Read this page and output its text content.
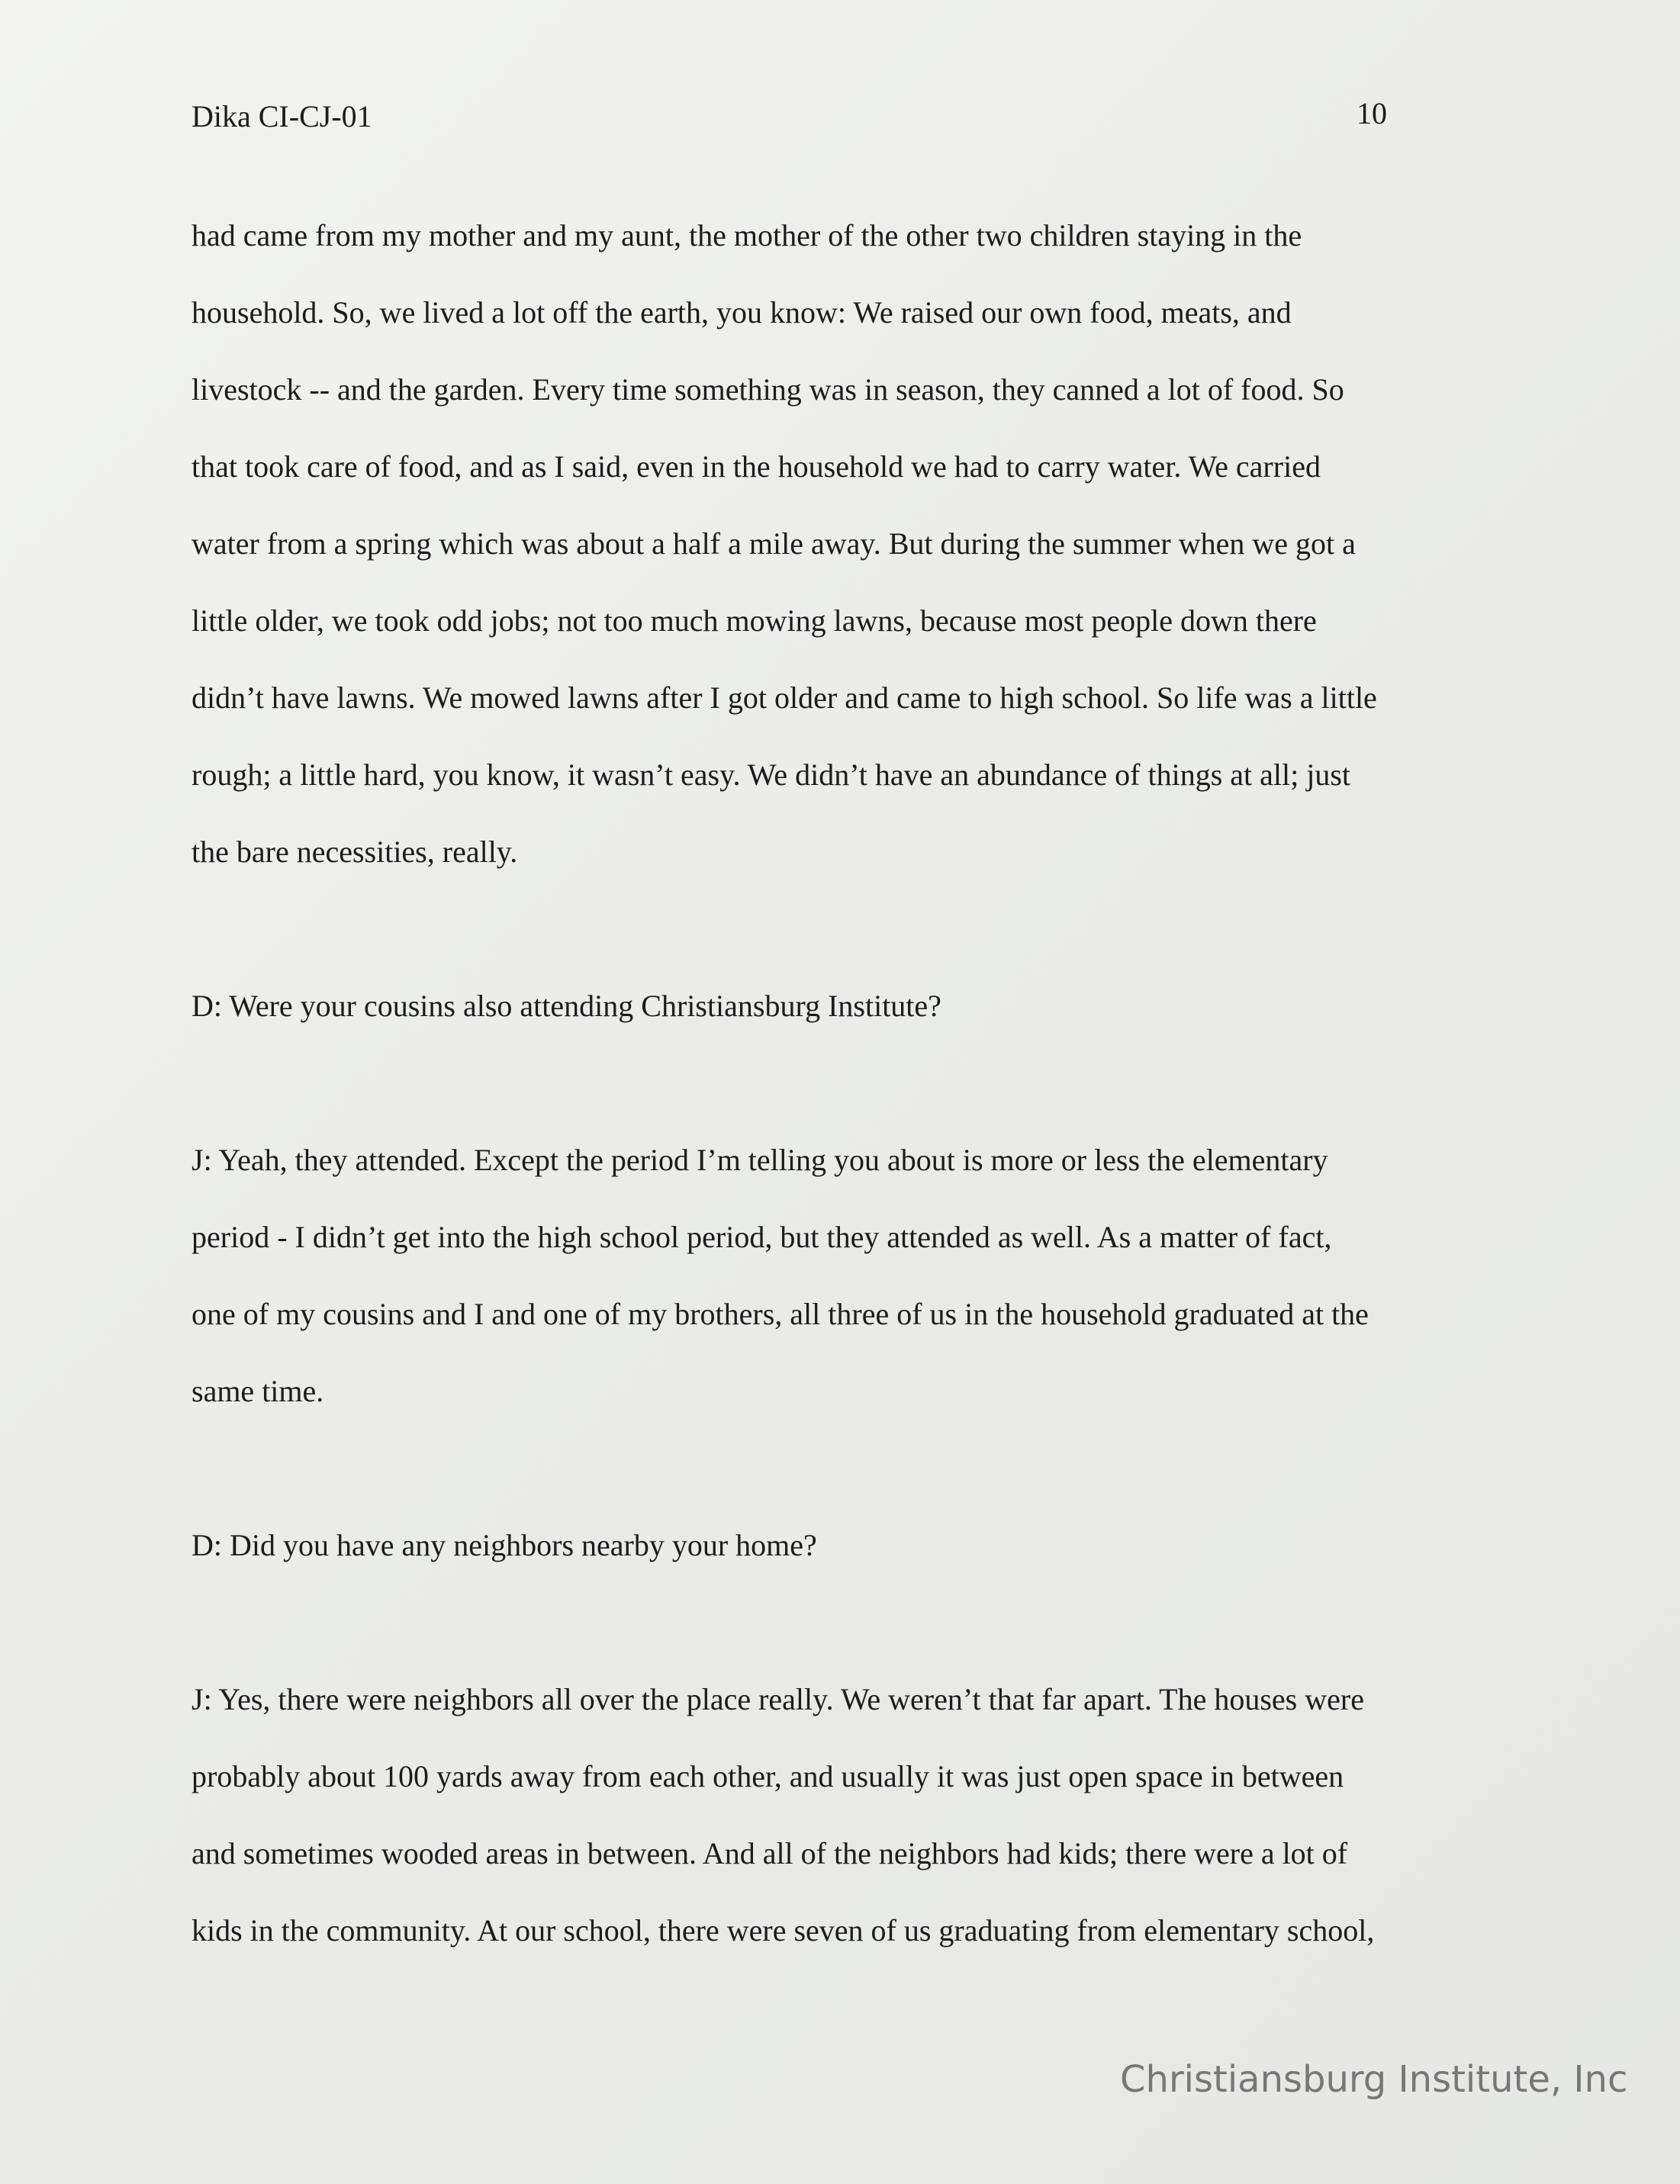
Dika CI-CJ-01	10

had came from my mother and my aunt, the mother of the other two children staying in the
household. So, we lived a lot off the earth, you know: We raised our own food, meats, and
livestock -- and the garden. Every time something was in season, they canned a lot of food. So
that took care of food, and as I said, even in the household we had to carry water. We carried
water from a spring which was about a half a mile away. But during the summer when we got a
little older, we took odd jobs; not too much mowing lawns, because most people down there
didn’t have lawns. We mowed lawns after I got older and came to high school. So life was a little
rough; a little hard, you know, it wasn’t easy. We didn’t have an abundance of things at all; just
the bare necessities, really.

D: Were your cousins also attending Christiansburg Institute?

J: Yeah, they attended. Except the period I’m telling you about is more or less the elementary
period - I didn’t get into the high school period, but they attended as well. As a matter of fact,
one of my cousins and I and one of my brothers, all three of us in the household graduated at the
same time.

D: Did you have any neighbors nearby your home?

J: Yes, there were neighbors all over the place really. We weren’t that far apart. The houses were
probably about 100 yards away from each other, and usually it was just open space in between
and sometimes wooded areas in between. And all of the neighbors had kids; there were a lot of
kids in the community. At our school, there were seven of us graduating from elementary school,

Christiansburg Institute, Inc
